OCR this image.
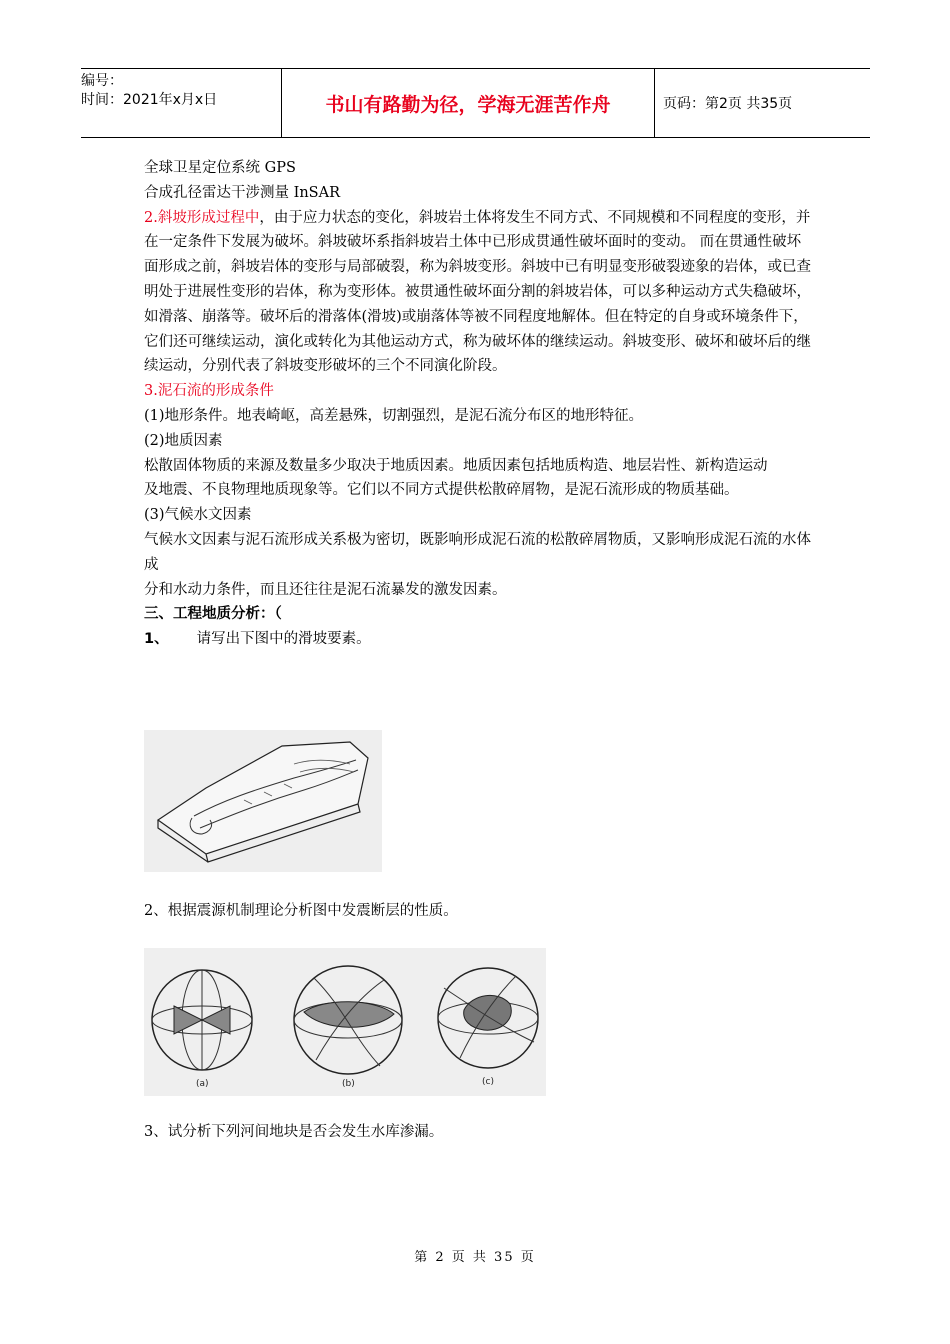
编号：
时间：2021年x月x日	书山有路勤为径，学海无涯苦作舟	页码：第2页 共35页

全球卫星定位系统 GPS

合成孔径雷达干涉测量 InSAR

2.斜坡形成过程中，由于应力状态的变化，斜坡岩土体将发生不同方式、不同规模和不同程度的变形，并在一定条件下发展为破坏。斜坡破坏系指斜坡岩土体中已形成贯通性破坏面时的变动。 而在贯通性破坏面形成之前，斜坡岩体的变形与局部破裂，称为斜坡变形。斜坡中已有明显变形破裂迹象的岩体，或已查明处于进展性变形的岩体，称为变形体。被贯通性破坏面分割的斜坡岩体，可以多种运动方式失稳破坏，如滑落、崩落等。破坏后的滑落体(滑坡)或崩落体等被不同程度地解体。但在特定的自身或环境条件下，它们还可继续运动，演化或转化为其他运动方式，称为破坏体的继续运动。斜坡变形、破坏和破坏后的继续运动，分别代表了斜坡变形破坏的三个不同演化阶段。

3.泥石流的形成条件

(1)地形条件。地表崎岖，高差悬殊，切割强烈，是泥石流分布区的地形特征。

(2)地质因素

松散固体物质的来源及数量多少取决于地质因素。地质因素包括地质构造、地层岩性、新构造运动

及地震、不良物理地质现象等。它们以不同方式提供松散碎屑物，是泥石流形成的物质基础。

(3)气候水文因素

气候水文因素与泥石流形成关系极为密切，既影响形成泥石流的松散碎屑物质，又影响形成泥石流的水体成

分和水动力条件，而且还往往是泥石流暴发的激发因素。

三、工程地质分析：（

1、 请写出下图中的滑坡要素。

2、根据震源机制理论分析图中发震断层的性质。

(a)	(b)	(c)

3、试分析下列河间地块是否会发生水库渗漏。

第 2 页 共 35 页
